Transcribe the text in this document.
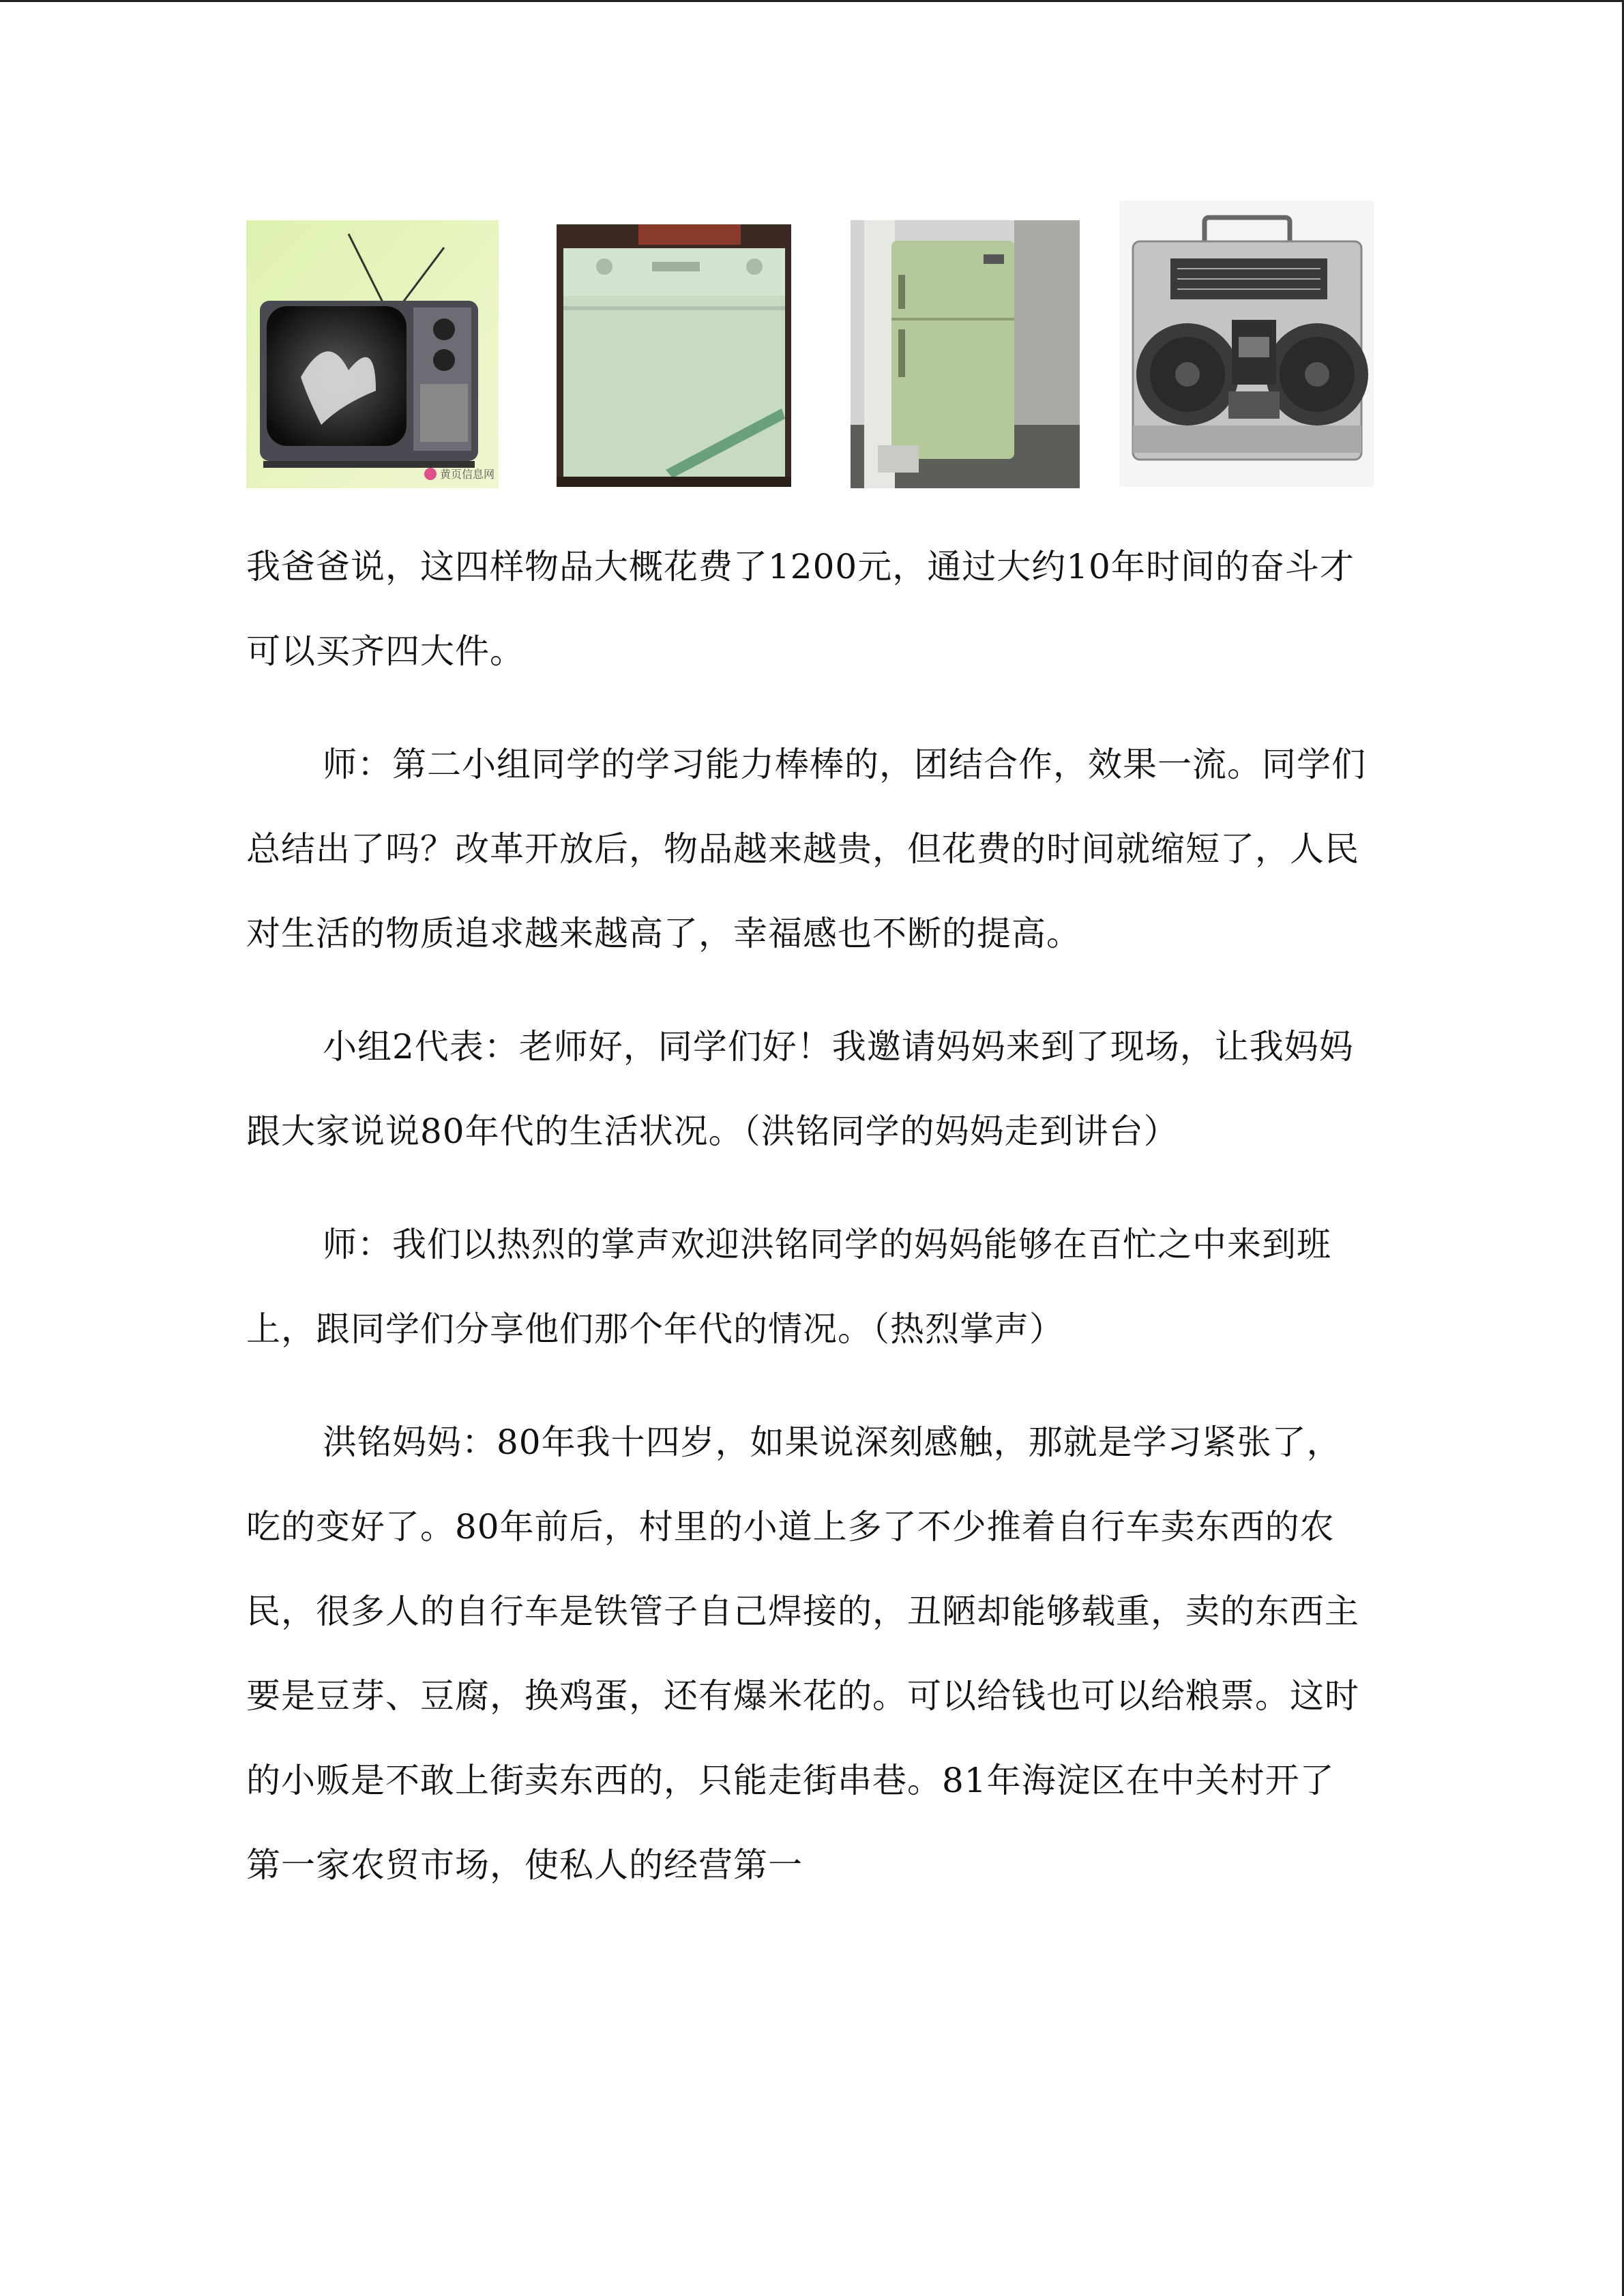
黄页信息网

我爸爸说，这四样物品大概花费了1200元，通过大约10年时间的奋斗才可以买齐四大件。

师：第二小组同学的学习能力棒棒的，团结合作，效果一流。同学们总结出了吗？改革开放后，物品越来越贵，但花费的时间就缩短了，人民对生活的物质追求越来越高了，幸福感也不断的提高。

小组2代表：老师好，同学们好！我邀请妈妈来到了现场，让我妈妈跟大家说说80年代的生活状况。（洪铭同学的妈妈走到讲台）

师：我们以热烈的掌声欢迎洪铭同学的妈妈能够在百忙之中来到班上，跟同学们分享他们那个年代的情况。（热烈掌声）

洪铭妈妈：80年我十四岁，如果说深刻感触，那就是学习紧张了，吃的变好了。80年前后，村里的小道上多了不少推着自行车卖东西的农民，很多人的自行车是铁管子自己焊接的，丑陋却能够载重，卖的东西主要是豆芽、豆腐，换鸡蛋，还有爆米花的。可以给钱也可以给粮票。这时的小贩是不敢上街卖东西的，只能走街串巷。81年海淀区在中关村开了第一家农贸市场，使私人的经营第一
